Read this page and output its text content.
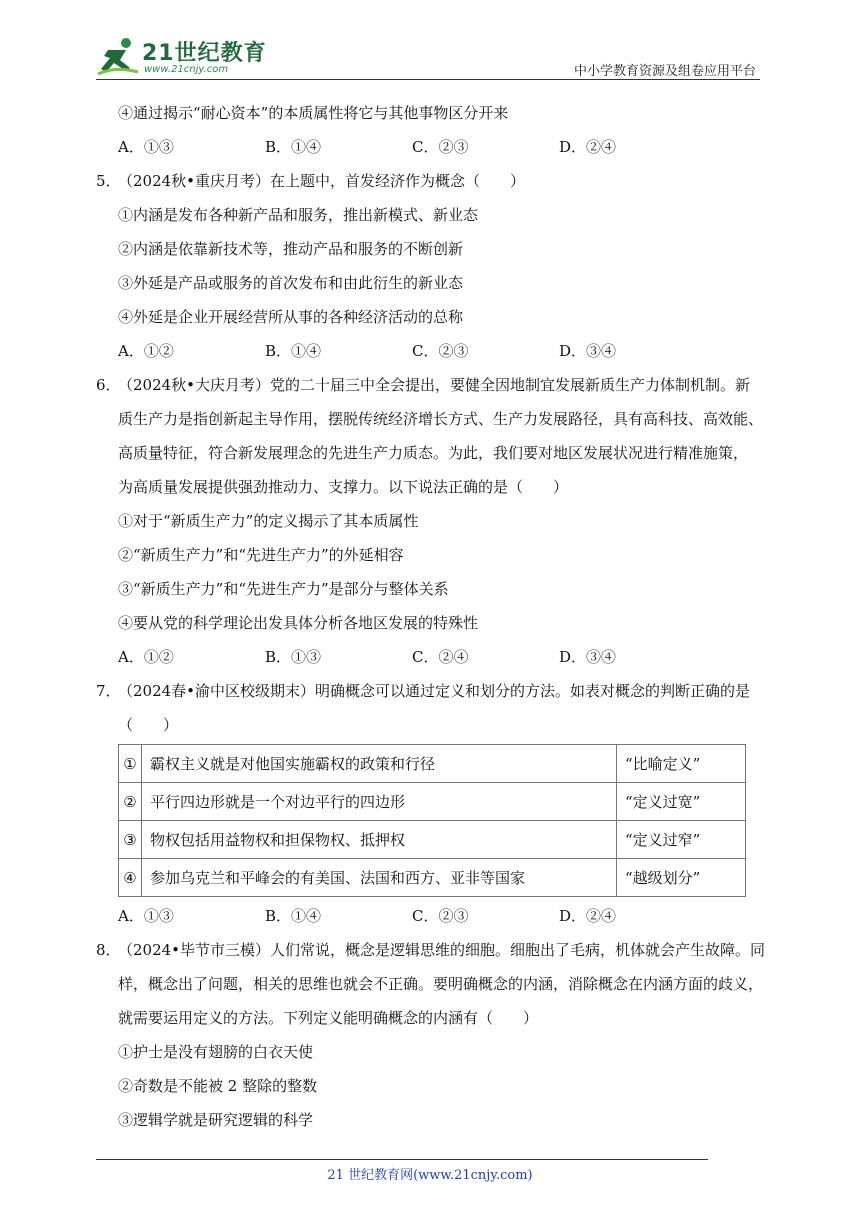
21世纪教育
www.21cnjy.com	中小学教育资源及组卷应用平台
④通过揭示“耐心资本”的本质属性将它与其他事物区分开来
A．①③	B．①④	C．②③	D．②④
5．（2024秋•重庆月考）在上题中，首发经济作为概念（　　）
①内涵是发布各种新产品和服务，推出新模式、新业态
②内涵是依靠新技术等，推动产品和服务的不断创新
③外延是产品或服务的首次发布和由此衍生的新业态
④外延是企业开展经营所从事的各种经济活动的总称
A．①②	B．①④	C．②③	D．③④
6．（2024秋•大庆月考）党的二十届三中全会提出，要健全因地制宜发展新质生产力体制机制。新
质生产力是指创新起主导作用，摆脱传统经济增长方式、生产力发展路径，具有高科技、高效能、
高质量特征，符合新发展理念的先进生产力质态。为此，我们要对地区发展状况进行精准施策，
为高质量发展提供强劲推动力、支撑力。以下说法正确的是（　　）
①对于“新质生产力”的定义揭示了其本质属性
②“新质生产力”和“先进生产力”的外延相容
③“新质生产力”和“先进生产力”是部分与整体关系
④要从党的科学理论出发具体分析各地区发展的特殊性
A．①②	B．①③	C．②④	D．③④
7．（2024春•渝中区校级期末）明确概念可以通过定义和划分的方法。如表对概念的判断正确的是
（　　）
①	霸权主义就是对他国实施霸权的政策和行径	“比喻定义”
②	平行四边形就是一个对边平行的四边形	“定义过宽”
③	物权包括用益物权和担保物权、抵押权	“定义过窄”
④	参加乌克兰和平峰会的有美国、法国和西方、亚非等国家	“越级划分”
A．①③	B．①④	C．②③	D．②④
8．（2024•毕节市三模）人们常说，概念是逻辑思维的细胞。细胞出了毛病，机体就会产生故障。同
样，概念出了问题，相关的思维也就会不正确。要明确概念的内涵，消除概念在内涵方面的歧义，
就需要运用定义的方法。下列定义能明确概念的内涵有（　　）
①护士是没有翅膀的白衣天使
②奇数是不能被 2 整除的整数
③逻辑学就是研究逻辑的科学
21 世纪教育网(www.21cnjy.com)
